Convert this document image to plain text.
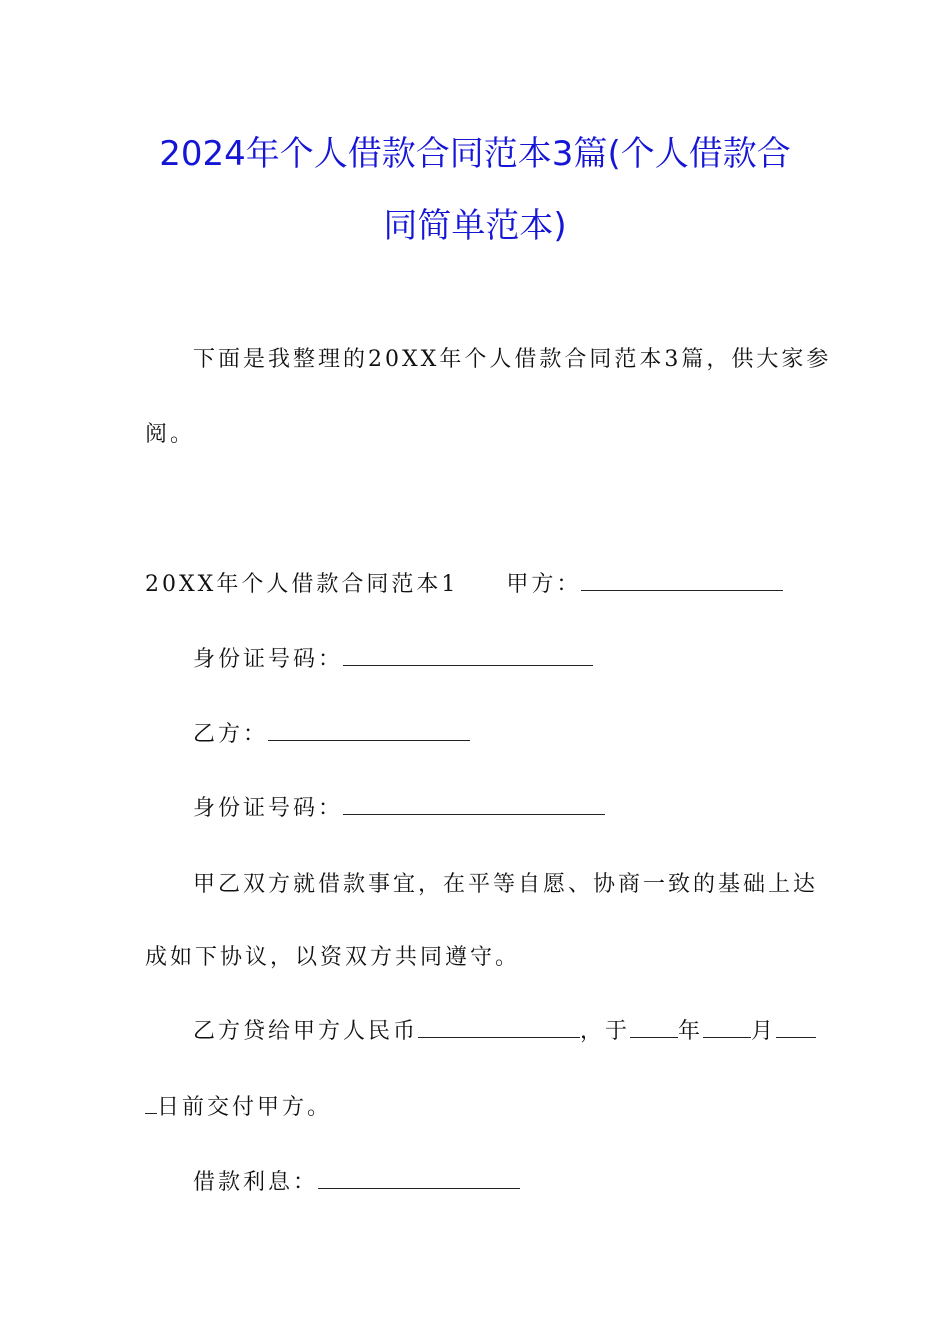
2024年个人借款合同范本3篇(个人借款合
同简单范本)
下面是我整理的20XX年个人借款合同范本3篇，供大家参
阅。
20XX年个人借款合同范本1 甲方：
身份证号码：
乙方：
身份证号码：
甲乙双方就借款事宜，在平等自愿、协商一致的基础上达
成如下协议，以资双方共同遵守。
乙方贷给甲方人民币	，于 年 月
日前交付甲方。
借款利息：
